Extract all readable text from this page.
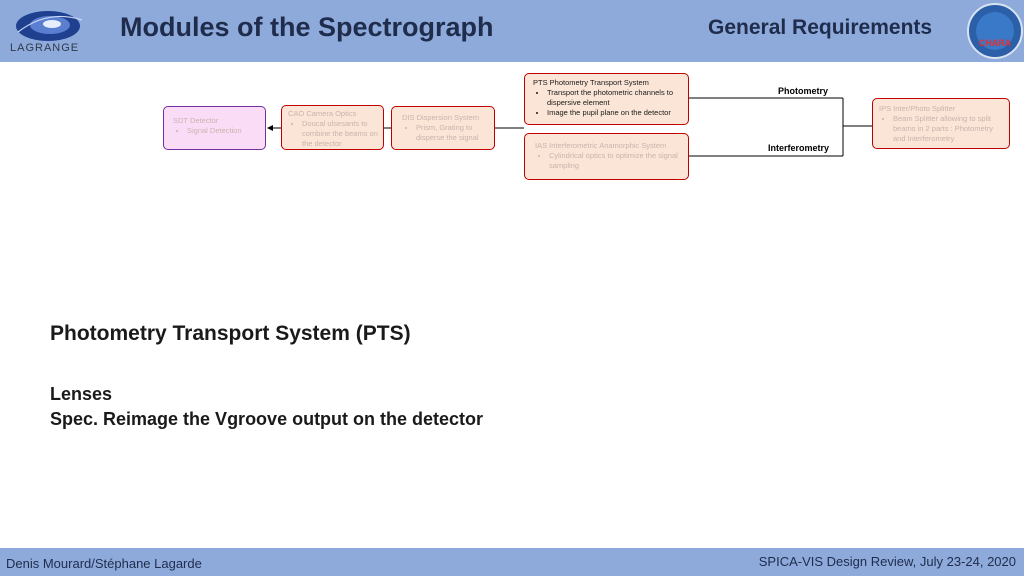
LAGRANGE
Modules of the Spectrograph	General Requirements
CHARA
SDT Detector
• Signal Detection
CAO Camera Optics
• Doucal ulsesants to combine the beams on the detector
DIS Dispersion System
• Prism, Grating to disperse the signal
PTS Photometry Transport System
• Transport the photometric channels to dispersive element
• Image the pupil plane on the detector
IAS Interferometric Anamorphic System
• Cylindrical optics to optimize the signal sampling
IPS Inter/Photo Splitter
• Beam Splitter allowing to split beams in 2 parts : Photometry and Interferometry
Photometry
Interferometry
Photometry Transport System (PTS)
Lenses
Spec. Reimage the Vgroove output on the detector
Denis Mourard/Stéphane Lagarde	SPICA-VIS Design Review, July 23-24, 2020
